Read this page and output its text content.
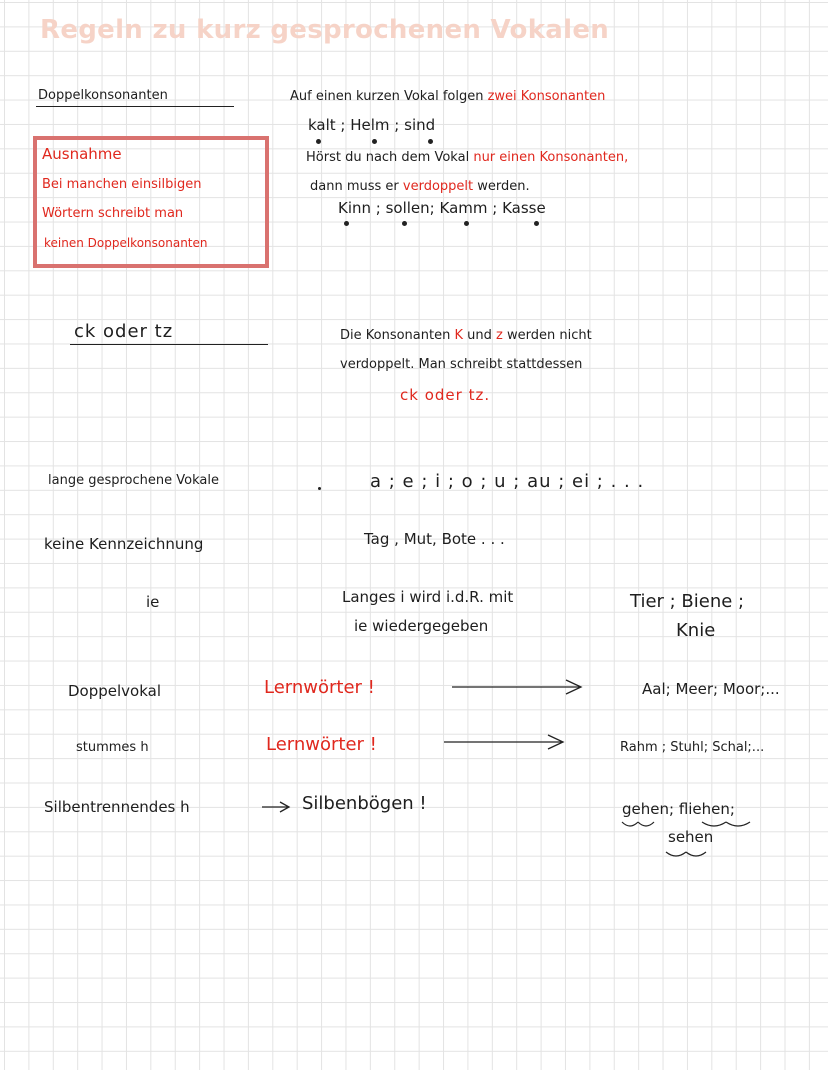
Regeln zu kurz gesprochenen Vokalen
Doppelkonsonanten	Auf einen kurzen Vokal folgen zwei Konsonanten
kalt ; Helm ; sind
Hörst du nach dem Vokal nur einen Konsonanten,
dann muss er verdoppelt werden.
Kinn ; sollen; Kamm ; Kasse
Ausnahme
Bei manchen einsilbigen
Wörtern schreibt man
keinen Doppelkonsonanten
ck oder tz	Die Konsonanten K und z werden nicht
verdoppelt. Man schreibt stattdessen
ck oder tz.
lange gesprochene Vokale	a ; e ; i ; o ; u ; au ; ei ; . . .
keine Kennzeichnung	Tag , Mut, Bote . . .
ie	Langes i wird i.d.R. mit
ie wiedergegeben
Tier ; Biene ;
Knie
Doppelvokal	Lernwörter !	Aal; Meer; Moor;...
stummes h	Lernwörter !	Rahm ; Stuhl; Schal;...
Silbentrennendes h	Silbenbögen !	gehen; fliehen;
sehen
